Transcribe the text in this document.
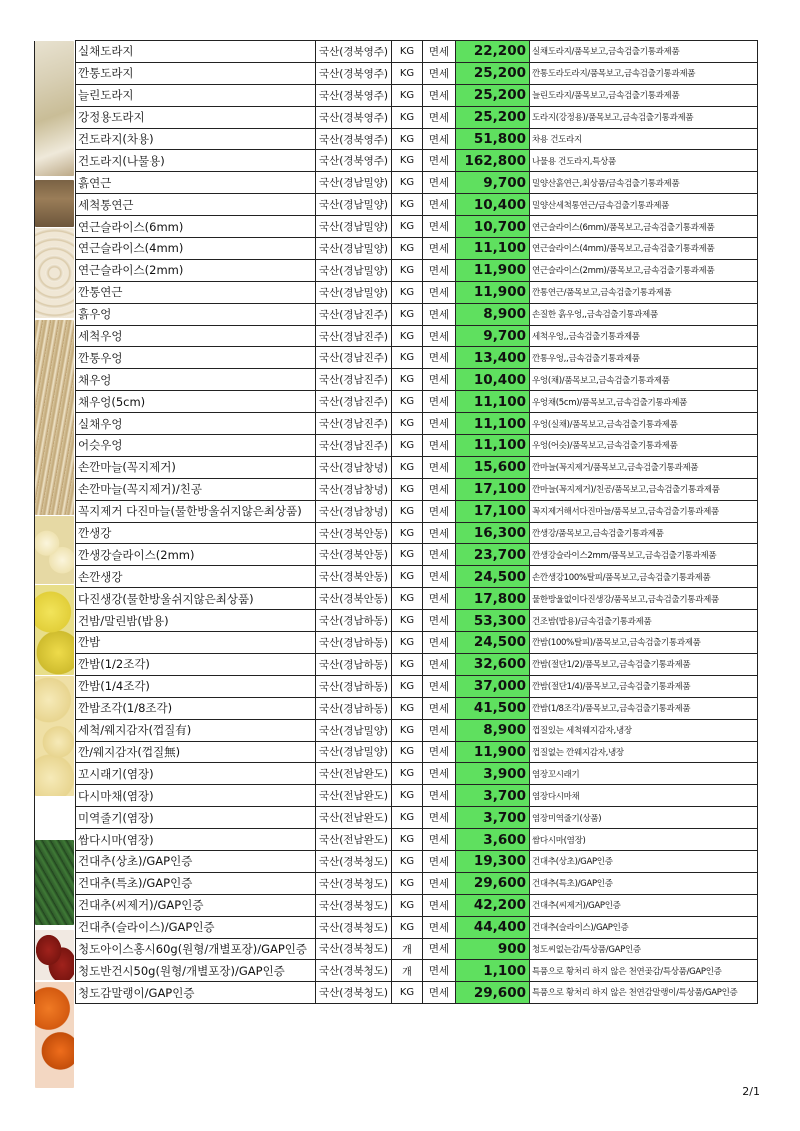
	실채도라지	국산(경북영주)	KG	면세	22,200	실채도라지/품목보고,금속검출기통과제품
	깐통도라지	국산(경북영주)	KG	면세	25,200	깐통도라도라지/품목보고,금속검출기통과제품
	늘린도라지	국산(경북영주)	KG	면세	25,200	늘린도라지/품목보고,금속검출기통과제품
	강정용도라지	국산(경북영주)	KG	면세	25,200	도라지(강정용)/품목보고,금속검출기통과제품
	건도라지(차용)	국산(경북영주)	KG	면세	51,800	차용 건도라지
	건도라지(나물용)	국산(경북영주)	KG	면세	162,800	나물용 건도라지,특상품
	흙연근	국산(경남밀양)	KG	면세	9,700	밀양산흙연근,최상품/금속검출기통과제품
	세척통연근	국산(경남밀양)	KG	면세	10,400	밀양산세척통연근/금속검출기통과제품
	연근슬라이스(6mm)	국산(경남밀양)	KG	면세	10,700	연근슬라이스(6mm)/품목보고,금속검출기통과제품
	연근슬라이스(4mm)	국산(경남밀양)	KG	면세	11,100	연근슬라이스(4mm)/품목보고,금속검출기통과제품
	연근슬라이스(2mm)	국산(경남밀양)	KG	면세	11,900	연근슬라이스(2mm)/품목보고,금속검출기통과제품
	깐통연근	국산(경남밀양)	KG	면세	11,900	깐통연근/품목보고,금속검출기통과제품
	흙우엉	국산(경남진주)	KG	면세	8,900	손질한 흙우엉,,금속검출기통과제품
	세척우엉	국산(경남진주)	KG	면세	9,700	세척우엉,,금속검출기통과제품
	깐통우엉	국산(경남진주)	KG	면세	13,400	깐통우엉,,금속검출기통과제품
	채우엉	국산(경남진주)	KG	면세	10,400	우엉(채)/품목보고,금속검출기통과제품
	채우엉(5cm)	국산(경남진주)	KG	면세	11,100	우엉채(5cm)/품목보고,금속검출기통과제품
	실채우엉	국산(경남진주)	KG	면세	11,100	우엉(실채)/품목보고,금속검출기통과제품
	어슷우엉	국산(경남진주)	KG	면세	11,100	우엉(어슷)/품목보고,금속검출기통과제품
	손깐마늘(꼭지제거)	국산(경남창녕)	KG	면세	15,600	깐마늘(꼭지제거/품목보고,금속검출기통과제품
	손깐마늘(꼭지제거)/친공	국산(경남창녕)	KG	면세	17,100	깐마늘(꼭지제거)/친공/품목보고,금속검출기통과제품
	꼭지제거 다진마늘(물한방울쉬지않은최상품)	국산(경남창녕)	KG	면세	17,100	꼭지제거해서다진마늘/품목보고,금속검출기통과제품
	깐생강	국산(경북안동)	KG	면세	16,300	깐생강/품목보고,금속검출기통과제품
	깐생강슬라이스(2mm)	국산(경북안동)	KG	면세	23,700	깐생강슬라이스2mm/품목보고,금속검출기통과제품
	손깐생강	국산(경북안동)	KG	면세	24,500	손깐생강100%탈피/품목보고,금속검출기통과제품
	다진생강(물한방울쉬지않은최상품)	국산(경북안동)	KG	면세	17,800	물한방울없이다진생강/품목보고,금속검출기통과제품
	건밤/말린밤(밥용)	국산(경남하동)	KG	면세	53,300	건조밤(밥용)/금속검출기통과제품
	깐밤	국산(경남하동)	KG	면세	24,500	깐밤(100%탈피)/품목보고,금속검출기통과제품
	깐밤(1/2조각)	국산(경남하동)	KG	면세	32,600	깐밤(절단1/2)/품목보고,금속검출기통과제품
	깐밤(1/4조각)	국산(경남하동)	KG	면세	37,000	깐밤(절단1/4)/품목보고,금속검출기통과제품
	깐밤조각(1/8조각)	국산(경남하동)	KG	면세	41,500	깐밤(1/8조각)/품목보고,금속검출기통과제품
	세척/웨지감자(껍질有)	국산(경남밀양)	KG	면세	8,900	껍질있는 세척웨지감자,냉장
	깐/웨지감자(껍질無)	국산(경남밀양)	KG	면세	11,900	껍질없는 깐웨지감자,냉장
	꼬시래기(염장)	국산(전남완도)	KG	면세	3,900	염장꼬시래기
	다시마채(염장)	국산(전남완도)	KG	면세	3,700	염장다시마채
	미역줄기(염장)	국산(전남완도)	KG	면세	3,700	염장미역줄기(상품)
	쌈다시마(염장)	국산(전남완도)	KG	면세	3,600	쌈다시마(염장)
	건대추(상초)/GAP인증	국산(경북청도)	KG	면세	19,300	건대추(상초)/GAP인증
	건대추(특초)/GAP인증	국산(경북청도)	KG	면세	29,600	건대추(특초)/GAP인증
	건대추(씨제거)/GAP인증	국산(경북청도)	KG	면세	42,200	건대추(씨제거)/GAP인증
	건대추(슬라이스)/GAP인증	국산(경북청도)	KG	면세	44,400	건대추(슬라이스)/GAP인증
	청도아이스홍시60g(원형/개별포장)/GAP인증	국산(경북청도)	개	면세	900	청도씨없는감/특상품/GAP인증
	청도반건시50g(원형/개별포장)/GAP인증	국산(경북청도)	개	면세	1,100	특품으로 황처리 하지 않은 천연곶감/특상품/GAP인증
	청도감말랭이/GAP인증	국산(경북청도)	KG	면세	29,600	특품으로 황처리 하지 않은 천연감말랭이/특상품/GAP인증
2/1
